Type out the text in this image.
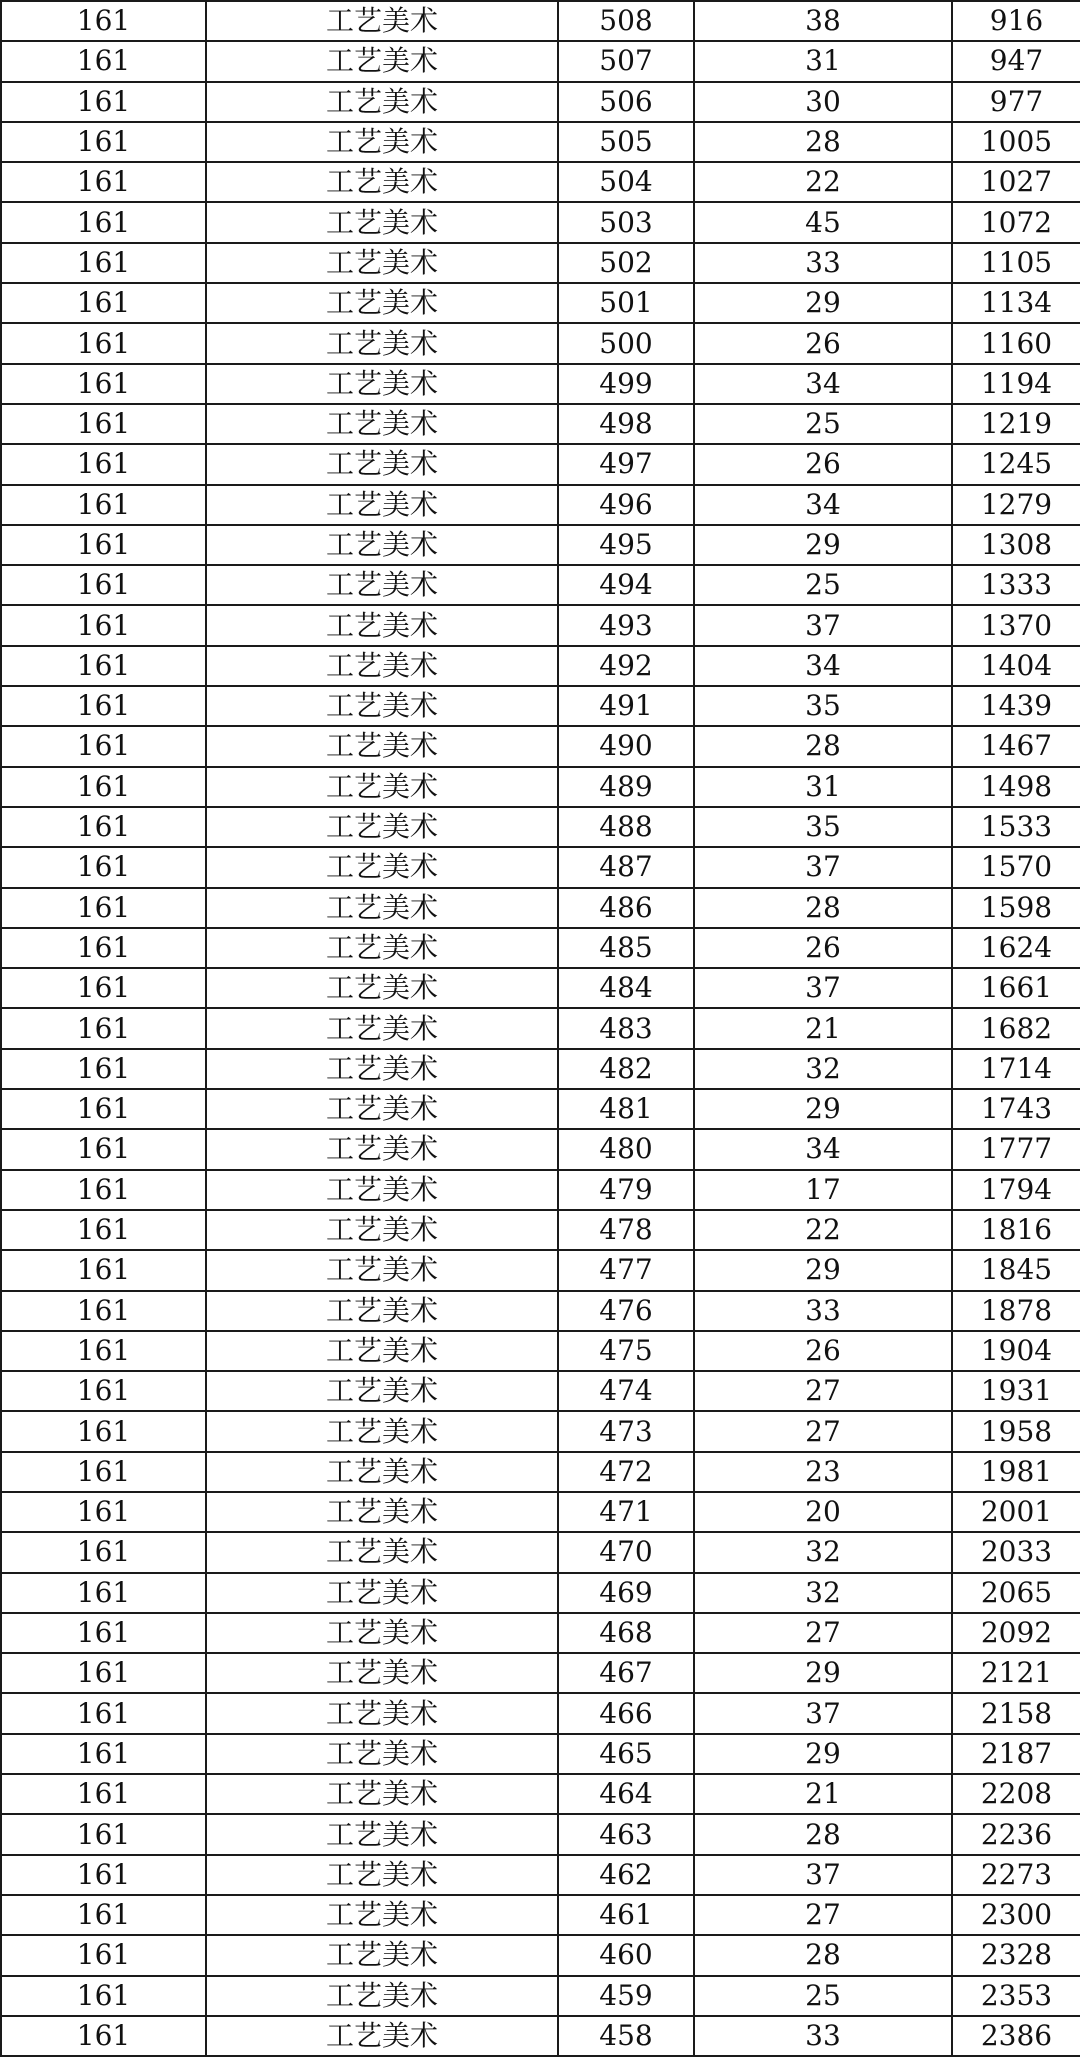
161	工艺美术	508	38	916
161	工艺美术	507	31	947
161	工艺美术	506	30	977
161	工艺美术	505	28	1005
161	工艺美术	504	22	1027
161	工艺美术	503	45	1072
161	工艺美术	502	33	1105
161	工艺美术	501	29	1134
161	工艺美术	500	26	1160
161	工艺美术	499	34	1194
161	工艺美术	498	25	1219
161	工艺美术	497	26	1245
161	工艺美术	496	34	1279
161	工艺美术	495	29	1308
161	工艺美术	494	25	1333
161	工艺美术	493	37	1370
161	工艺美术	492	34	1404
161	工艺美术	491	35	1439
161	工艺美术	490	28	1467
161	工艺美术	489	31	1498
161	工艺美术	488	35	1533
161	工艺美术	487	37	1570
161	工艺美术	486	28	1598
161	工艺美术	485	26	1624
161	工艺美术	484	37	1661
161	工艺美术	483	21	1682
161	工艺美术	482	32	1714
161	工艺美术	481	29	1743
161	工艺美术	480	34	1777
161	工艺美术	479	17	1794
161	工艺美术	478	22	1816
161	工艺美术	477	29	1845
161	工艺美术	476	33	1878
161	工艺美术	475	26	1904
161	工艺美术	474	27	1931
161	工艺美术	473	27	1958
161	工艺美术	472	23	1981
161	工艺美术	471	20	2001
161	工艺美术	470	32	2033
161	工艺美术	469	32	2065
161	工艺美术	468	27	2092
161	工艺美术	467	29	2121
161	工艺美术	466	37	2158
161	工艺美术	465	29	2187
161	工艺美术	464	21	2208
161	工艺美术	463	28	2236
161	工艺美术	462	37	2273
161	工艺美术	461	27	2300
161	工艺美术	460	28	2328
161	工艺美术	459	25	2353
161	工艺美术	458	33	2386
